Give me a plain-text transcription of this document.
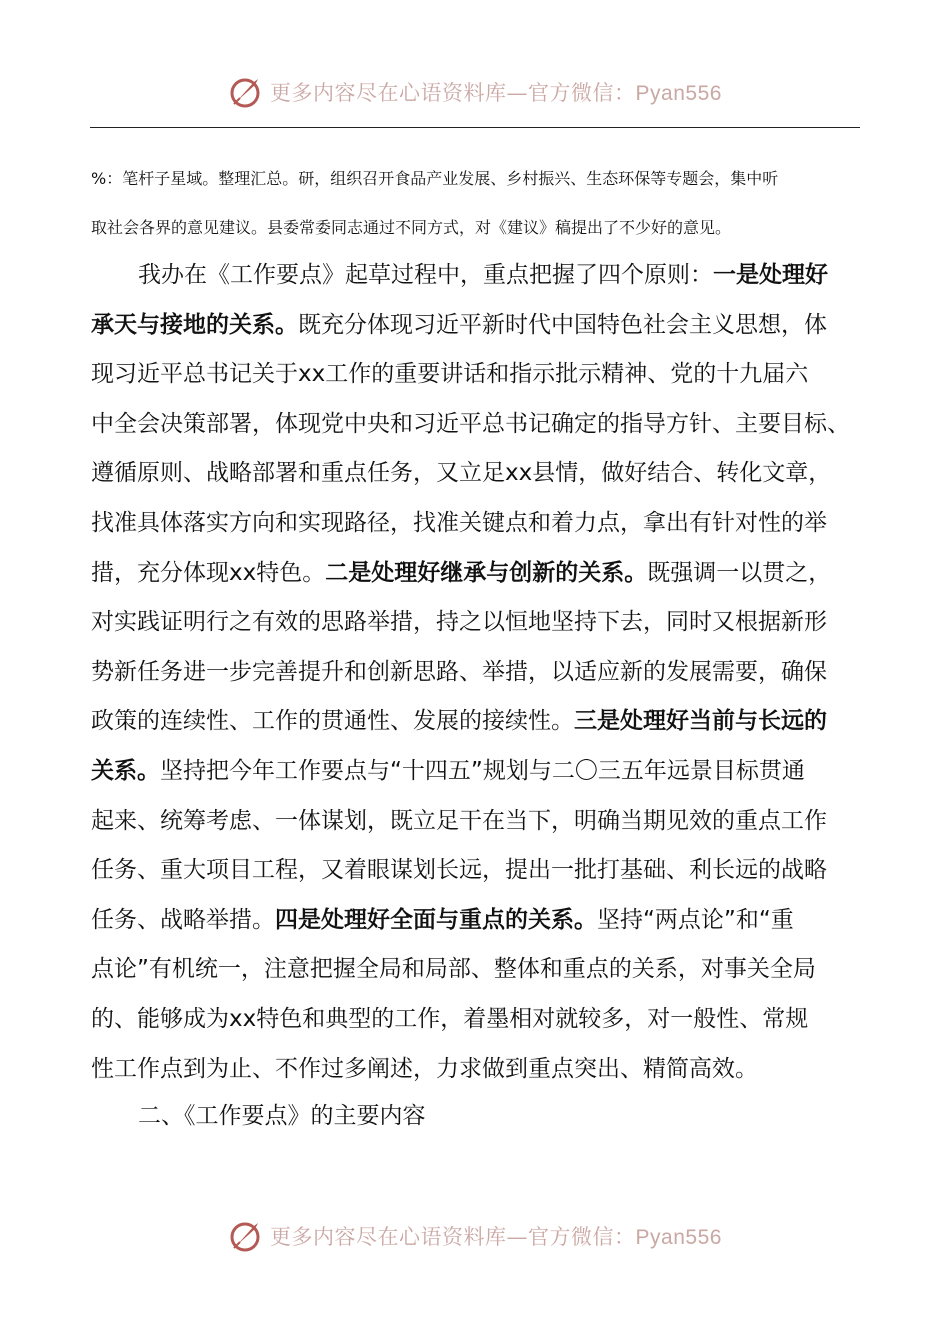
更多内容尽在心语资料库—官方微信：Pyan556

%：笔杆子星域。整理汇总。研，组织召开食品产业发展、乡村振兴、生态环保等专题会，集中听

取社会各界的意见建议。县委常委同志通过不同方式，对《建议》稿提出了不少好的意见。

我办在《工作要点》起草过程中，重点把握了四个原则：一是处理好
承天与接地的关系。既充分体现习近平新时代中国特色社会主义思想，体
现习近平总书记关于xx工作的重要讲话和指示批示精神、党的十九届六
中全会决策部署，体现党中央和习近平总书记确定的指导方针、主要目标、
遵循原则、战略部署和重点任务，又立足xx县情，做好结合、转化文章，
找准具体落实方向和实现路径，找准关键点和着力点，拿出有针对性的举
措，充分体现xx特色。二是处理好继承与创新的关系。既强调一以贯之，
对实践证明行之有效的思路举措，持之以恒地坚持下去，同时又根据新形
势新任务进一步完善提升和创新思路、举措，以适应新的发展需要，确保
政策的连续性、工作的贯通性、发展的接续性。三是处理好当前与长远的
关系。坚持把今年工作要点与“十四五”规划与二〇三五年远景目标贯通
起来、统筹考虑、一体谋划，既立足干在当下，明确当期见效的重点工作
任务、重大项目工程，又着眼谋划长远，提出一批打基础、利长远的战略
任务、战略举措。四是处理好全面与重点的关系。坚持“两点论”和“重
点论”有机统一，注意把握全局和局部、整体和重点的关系，对事关全局
的、能够成为xx特色和典型的工作，着墨相对就较多，对一般性、常规
性工作点到为止、不作过多阐述，力求做到重点突出、精简高效。

二、《工作要点》的主要内容

更多内容尽在心语资料库—官方微信：Pyan556
